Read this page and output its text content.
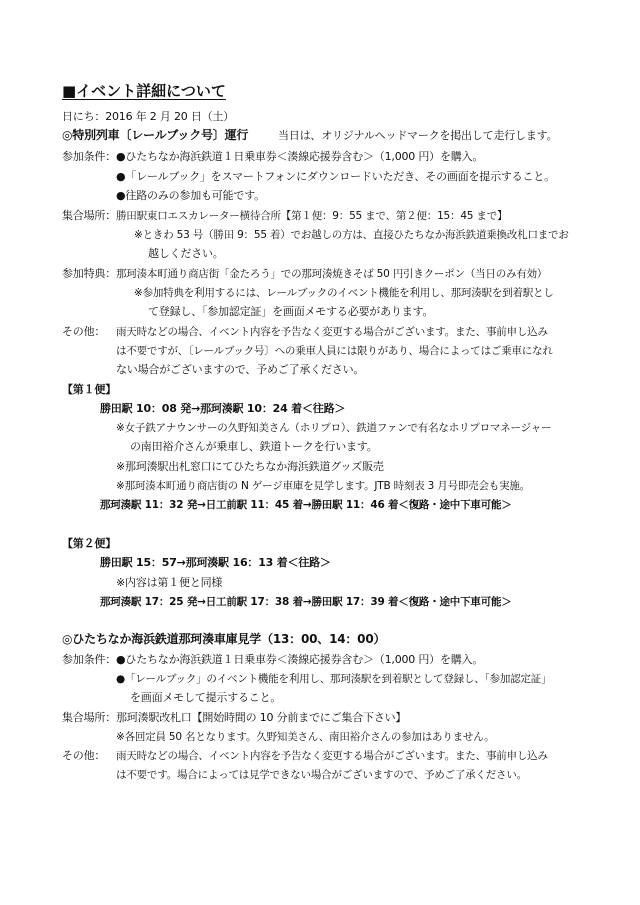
■イベント詳細について
日にち：2016 年 2 月 20 日（土）
◎特別列車〔レールブック号〕運行	当日は、オリジナルヘッドマークを掲出して走行します。
参加条件： ●ひたちなか海浜鉄道１日乗車券＜湊線応援券含む＞（1,000 円）を購入。
●「レールブック」をスマートフォンにダウンロードいただき、その画面を提示すること。
●往路のみの参加も可能です。
集合場所： 勝田駅東口エスカレーター横待合所【第１便：9：55 まで、第２便：15：45 まで】
※ときわ 53 号（勝田 9：55 着）でお越しの方は、直接ひたちなか海浜鉄道乗換改札口までお
越しください。
参加特典： 那珂湊本町通り商店街「金たろう」での那珂湊焼きそば 50 円引きクーポン（当日のみ有効）
※参加特典を利用するには、レールブックのイベント機能を利用し、那珂湊駅を到着駅とし
て登録し、「参加認定証」を画面メモする必要があります。
その他： 雨天時などの場合、イベント内容を予告なく変更する場合がございます。また、事前申し込み
は不要ですが、〔レールブック号〕への乗車人員には限りがあり、場合によってはご乗車になれ
ない場合がございますので、予めご了承ください。
【第１便】
勝田駅 10：08 発→那珂湊駅 10：24 着＜往路＞
※女子鉄アナウンサーの久野知美さん（ホリプロ）、鉄道ファンで有名なホリプロマネージャー
の南田裕介さんが乗車し、鉄道トークを行います。
※那珂湊駅出札窓口にてひたちなか海浜鉄道グッズ販売
※那珂湊本町通り商店街の N ゲージ車庫を見学します。JTB 時刻表 3 月号即売会も実施。
那珂湊駅 11：32 発→日工前駅 11：45 着→勝田駅 11：46 着＜復路・途中下車可能＞
【第２便】
勝田駅 15：57→那珂湊駅 16：13 着＜往路＞
※内容は第１便と同様
那珂湊駅 17：25 発→日工前駅 17：38 着→勝田駅 17：39 着＜復路・途中下車可能＞
◎ひたちなか海浜鉄道那珂湊車庫見学（13：00、14：00）
参加条件： ●ひたちなか海浜鉄道１日乗車券＜湊線応援券含む＞（1,000 円）を購入。
●「レールブック」のイベント機能を利用し、那珂湊駅を到着駅として登録し、「参加認定証」
を画面メモして提示すること。
集合場所： 那珂湊駅改札口【開始時間の 10 分前までにご集合下さい】
※各回定員 50 名となります。久野知美さん、南田裕介さんの参加はありません。
その他： 雨天時などの場合、イベント内容を予告なく変更する場合がございます。また、事前申し込み
は不要です。場合によっては見学できない場合がございますので、予めご了承ください。
